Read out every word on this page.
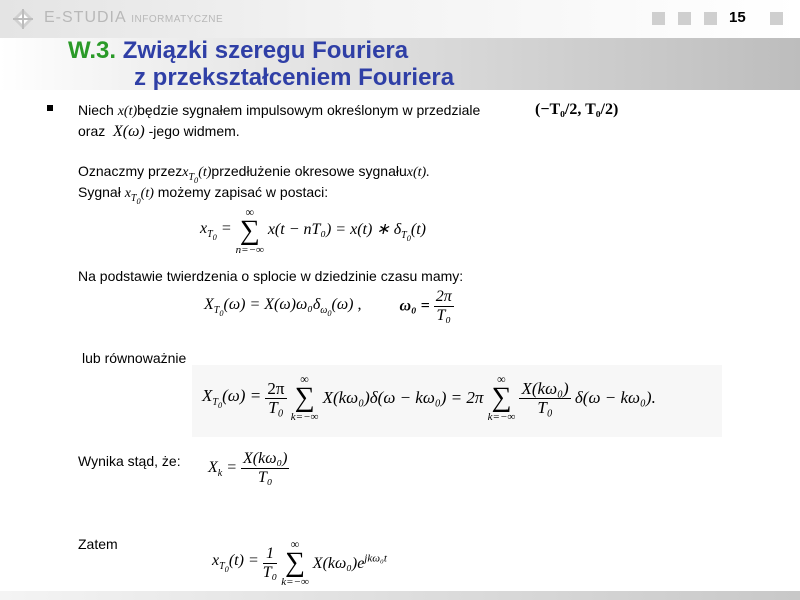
E-STUDIA INFORMATYCZNE	15
W.3. Związki szeregu Fouriera
z przekształceniem Fouriera
Niech x(t)będzie sygnałem impulsowym określonym w przedziale	(−T₀/2, T₀/2)
oraz X(ω) -jego widmem.
Oznaczmy przezx$_{T_0}$(t)przedłużenie okresowe sygnałux(t).
Sygnał $x_{T_0}(t)$ możemy zapisać w postaci:
$x_{T_0}$ =
∞
∑
n=−∞
x(t − nT₀) = x(t) ∗ $\delta_{T_0}(t)$
Na podstawie twierdzenia o splocie w dziedzinie czasu mamy:
$X_{T_0}(\omega) = X(\omega)\omega_0\delta_{\omega_0}(\omega)$ , $\omega_0 = \frac{2\pi}{\text{T₀}}$
lub równoważnie
$X_{T_0}(\omega) = \frac{2\pi}{\text{T₀}}$

∞
∑
k=−∞
X(kω₀)δ(ω − kω₀) = 2π
∞
∑
k=−∞

$\frac{\text{X(kω₀)}}{\text{T₀}} \delta(\omega - k\omega_0)$.
Wynika stąd, że: $X_k = \frac{\text{X(kω₀)}}{\text{T₀}}$
Zatem
$x_{T_0}(t) = \frac{1}{\text{T₀}}$

∞
∑
k=−∞
$X(k\omega_0)e^{jk\omega_0t}$
